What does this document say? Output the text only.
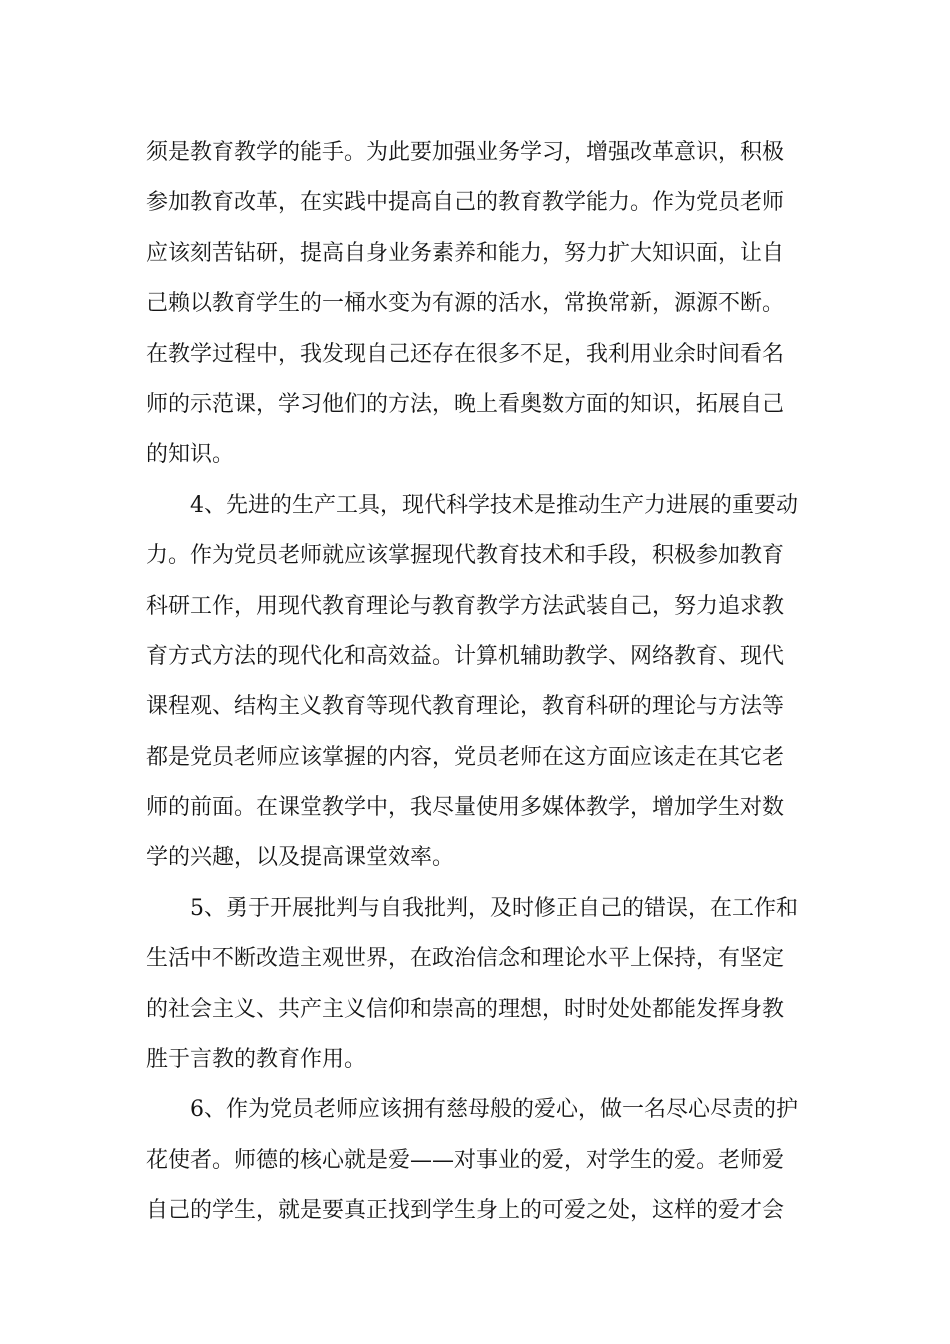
须是教育教学的能手。为此要加强业务学习，增强改革意识，积极
参加教育改革，在实践中提高自己的教育教学能力。作为党员老师
应该刻苦钻研，提高自身业务素养和能力，努力扩大知识面，让自
己赖以教育学生的一桶水变为有源的活水，常换常新，源源不断。
在教学过程中，我发现自己还存在很多不足，我利用业余时间看名
师的示范课，学习他们的方法，晚上看奥数方面的知识，拓展自己
的知识。
4、先进的生产工具，现代科学技术是推动生产力进展的重要动
力。作为党员老师就应该掌握现代教育技术和手段，积极参加教育
科研工作，用现代教育理论与教育教学方法武装自己，努力追求教
育方式方法的现代化和高效益。计算机辅助教学、网络教育、现代
课程观、结构主义教育等现代教育理论，教育科研的理论与方法等
都是党员老师应该掌握的内容，党员老师在这方面应该走在其它老
师的前面。在课堂教学中，我尽量使用多媒体教学，增加学生对数
学的兴趣，以及提高课堂效率。
5、勇于开展批判与自我批判，及时修正自己的错误，在工作和
生活中不断改造主观世界，在政治信念和理论水平上保持，有坚定
的社会主义、共产主义信仰和崇高的理想，时时处处都能发挥身教
胜于言教的教育作用。
6、作为党员老师应该拥有慈母般的爱心，做一名尽心尽责的护
花使者。师德的核心就是爱——对事业的爱，对学生的爱。老师爱
自己的学生，就是要真正找到学生身上的可爱之处，这样的爱才会
